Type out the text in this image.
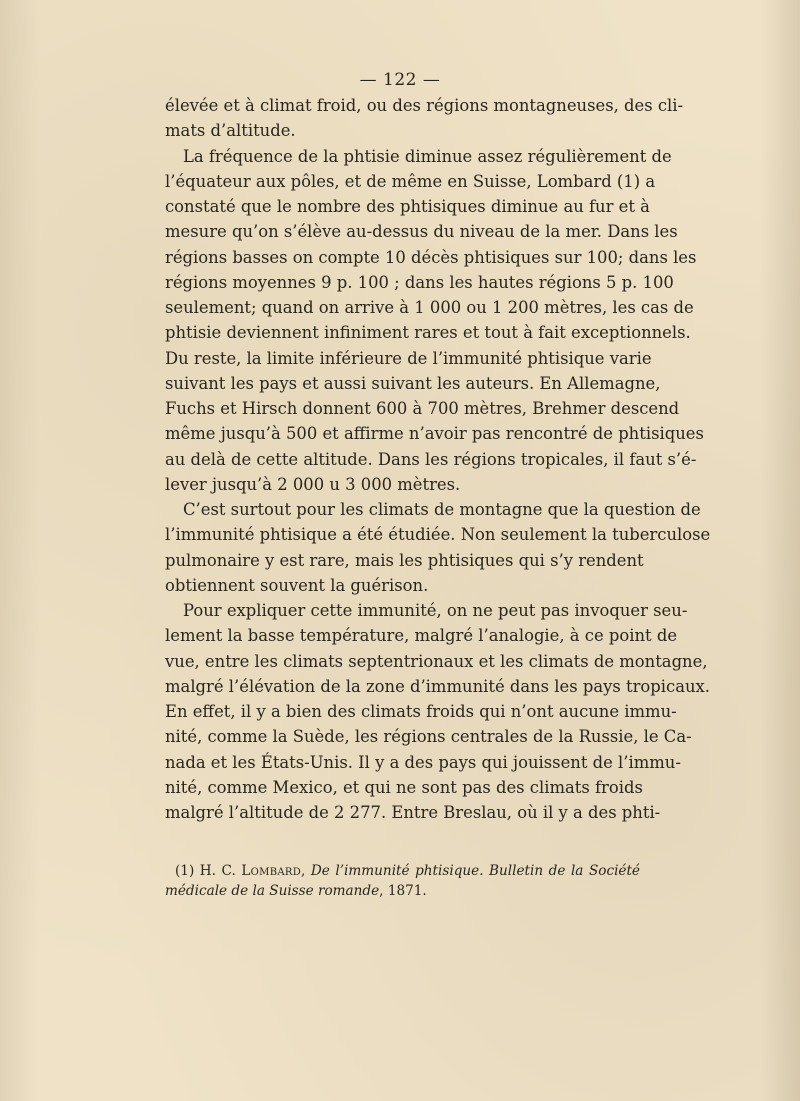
— 122 —
élevée et à climat froid, ou des régions montagneuses, des cli-
mats d’altitude.
La fréquence de la phtisie diminue assez régulièrement de
l’équateur aux pôles, et de même en Suisse, Lombard (1) a
constaté que le nombre des phtisiques diminue au fur et à
mesure qu’on s’élève au-dessus du niveau de la mer. Dans les
régions basses on compte 10 décès phtisiques sur 100; dans les
régions moyennes 9 p. 100 ; dans les hautes régions 5 p. 100
seulement; quand on arrive à 1 000 ou 1 200 mètres, les cas de
phtisie deviennent infiniment rares et tout à fait exceptionnels.
Du reste, la limite inférieure de l’immunité phtisique varie
suivant les pays et aussi suivant les auteurs. En Allemagne,
Fuchs et Hirsch donnent 600 à 700 mètres, Brehmer descend
même jusqu’à 500 et affirme n’avoir pas rencontré de phtisiques
au delà de cette altitude. Dans les régions tropicales, il faut s’é-
lever jusqu’à 2 000 u 3 000 mètres.
C’est surtout pour les climats de montagne que la question de
l’immunité phtisique a été étudiée. Non seulement la tuberculose
pulmonaire y est rare, mais les phtisiques qui s’y rendent
obtiennent souvent la guérison.
Pour expliquer cette immunité, on ne peut pas invoquer seu-
lement la basse température, malgré l’analogie, à ce point de
vue, entre les climats septentrionaux et les climats de montagne,
malgré l’élévation de la zone d’immunité dans les pays tropicaux.
En effet, il y a bien des climats froids qui n’ont aucune immu-
nité, comme la Suède, les régions centrales de la Russie, le Ca-
nada et les États-Unis. Il y a des pays qui jouissent de l’immu-
nité, comme Mexico, et qui ne sont pas des climats froids
malgré l’altitude de 2 277. Entre Breslau, où il y a des phti-
(1) H. C. Lombard, De l’immunité phtisique. Bulletin de la Société
médicale de la Suisse romande, 1871.
